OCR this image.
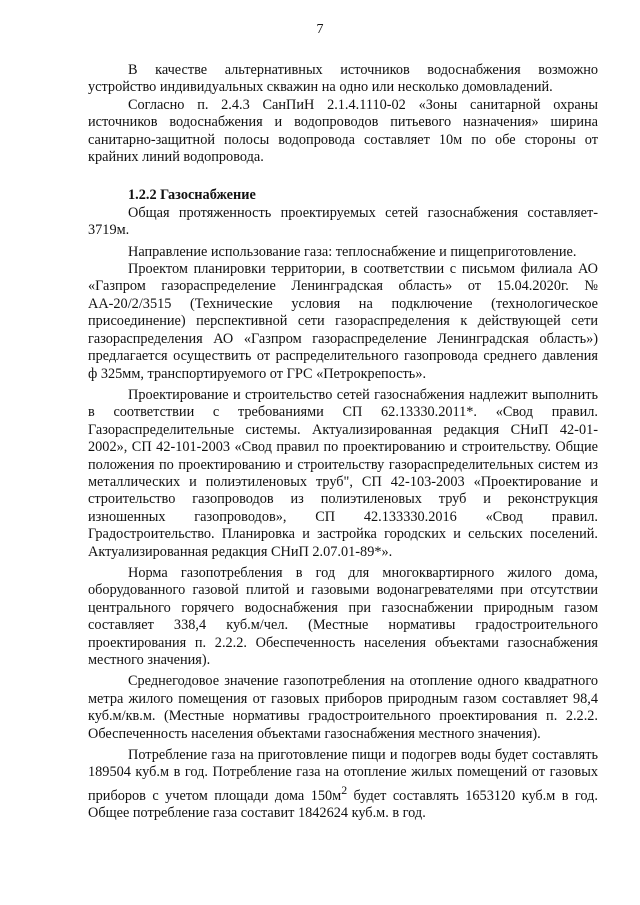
7

В качестве альтернативных источников водоснабжения возможно устройство индивидуальных скважин на одно или несколько домовладений.

Согласно п. 2.4.3 СанПиН 2.1.4.1110-02 «Зоны санитарной охраны источников водоснабжения и водопроводов питьевого назначения» ширина санитарно-защитной полосы водопровода составляет 10м по обе стороны от крайних линий водопровода.

1.2.2 Газоснабжение

Общая протяженность проектируемых сетей газоснабжения составляет- 3719м.

Направление использование газа: теплоснабжение и пищеприготовление.

Проектом планировки территории, в соответствии с письмом филиала АО «Газпром газораспределение Ленинградская область» от 15.04.2020г. № АА-20/2/3515 (Технические условия на подключение (технологическое присоединение) перспективной сети газораспределения к действующей сети газораспределения АО «Газпром газораспределение Ленинградская область») предлагается осуществить от распределительного газопровода среднего давления ф 325мм, транспортируемого от ГРС «Петрокрепость».

Проектирование и строительство сетей газоснабжения надлежит выполнить в соответствии с требованиями СП 62.13330.2011*. «Свод правил. Газораспределительные системы. Актуализированная редакция СНиП 42-01-2002», СП 42-101-2003 «Свод правил по проектированию и строительству. Общие положения по проектированию и строительству газораспределительных систем из металлических и полиэтиленовых труб", СП 42-103-2003 «Проектирование и строительство газопроводов из полиэтиленовых труб и реконструкция изношенных газопроводов», СП 42.133330.2016 «Свод правил. Градостроительство. Планировка и застройка городских и сельских поселений. Актуализированная редакция СНиП 2.07.01-89*».

Норма газопотребления в год для многоквартирного жилого дома, оборудованного газовой плитой и газовыми водонагревателями при отсутствии центрального горячего водоснабжения при газоснабжении природным газом составляет 338,4 куб.м/чел. (Местные нормативы градостроительного проектирования п. 2.2.2. Обеспеченность населения объектами газоснабжения местного значения).

Среднегодовое значение газопотребления на отопление одного квадратного метра жилого помещения от газовых приборов природным газом составляет 98,4 куб.м/кв.м. (Местные нормативы градостроительного проектирования п. 2.2.2. Обеспеченность населения объектами газоснабжения местного значения).

Потребление газа на приготовление пищи и подогрев воды будет составлять 189504 куб.м в год. Потребление газа на отопление жилых помещений от газовых приборов с учетом площади дома $150м^2$ будет составлять 1653120 куб.м в год. Общее потребление газа составит 1842624 куб.м. в год.
